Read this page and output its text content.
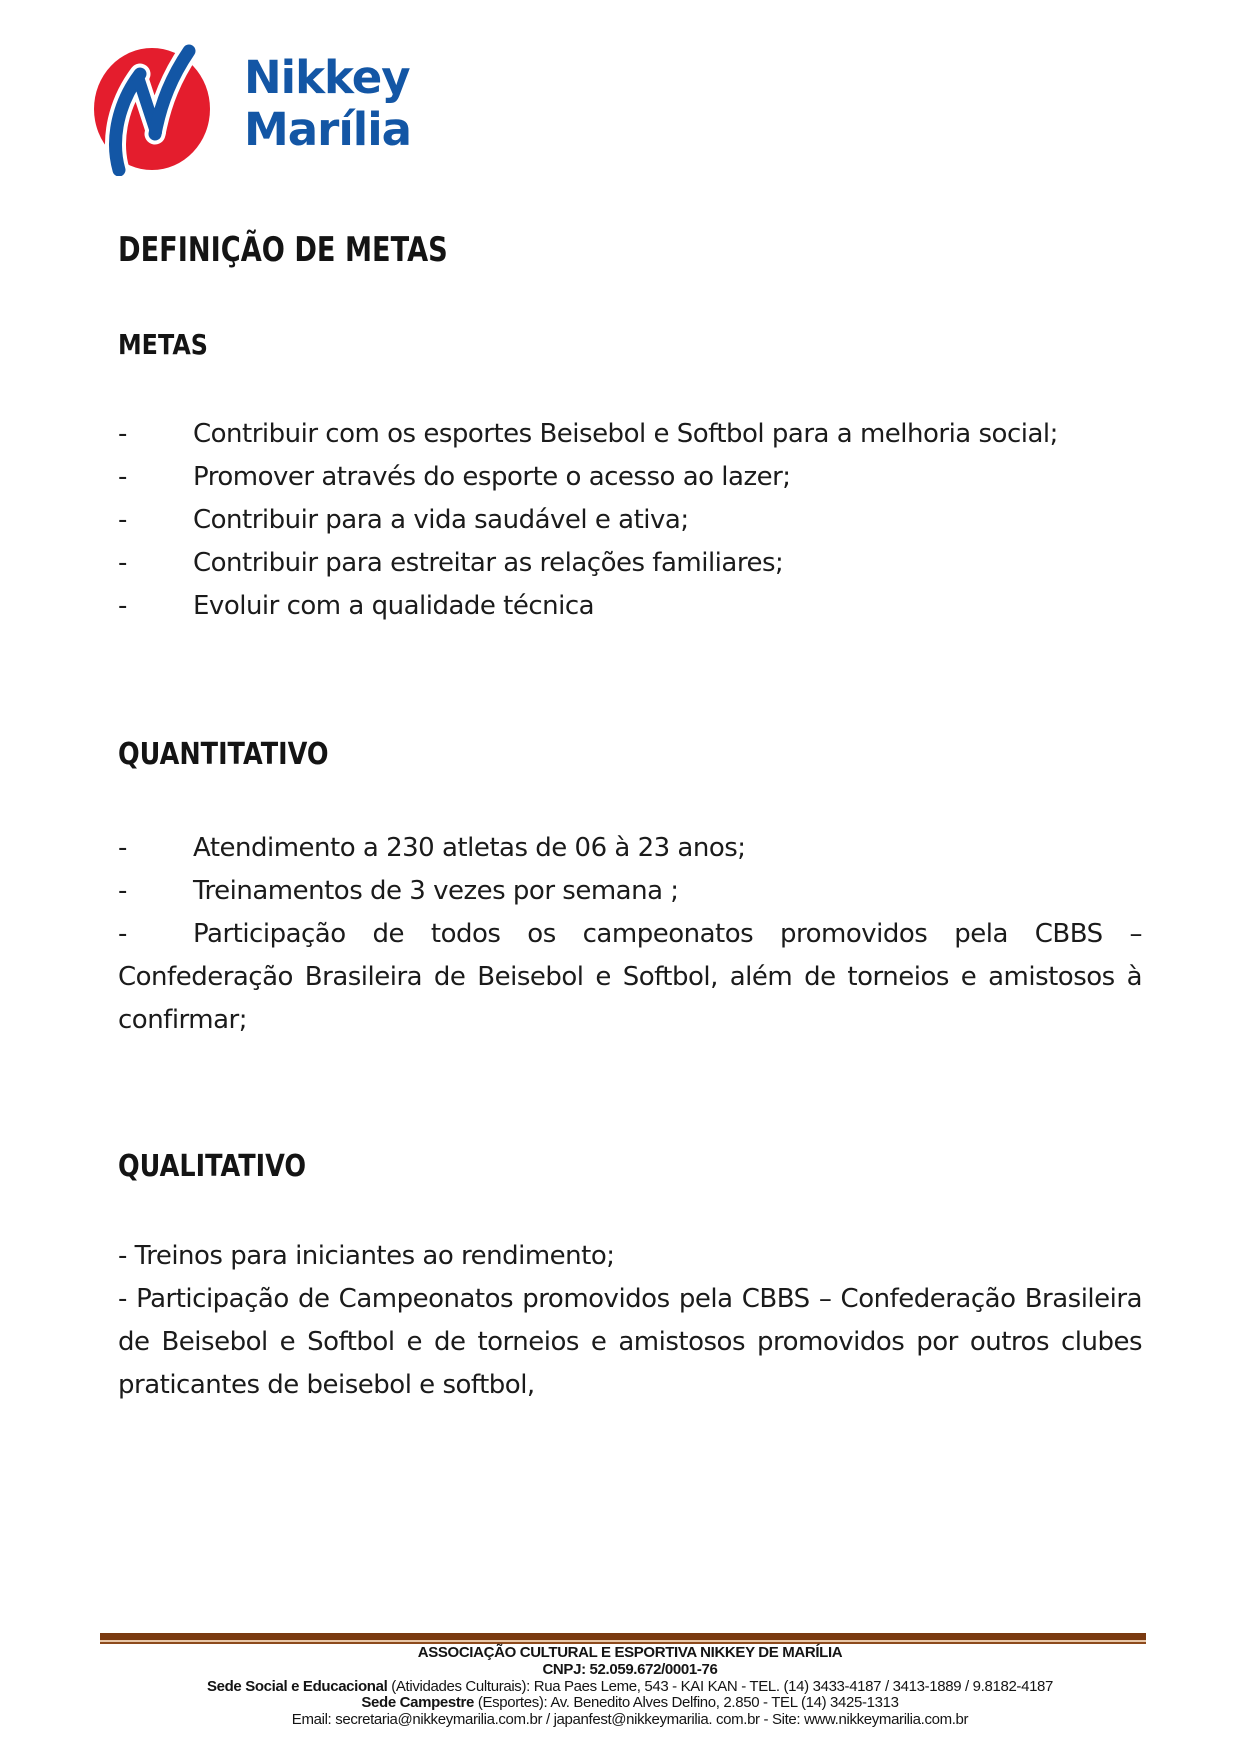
Nikkey
Marília
DEFINIÇÃO DE METAS
METAS
-	Contribuir com os esportes Beisebol e Softbol para a melhoria social;
-	Promover através do esporte o acesso ao lazer;
-	Contribuir para a vida saudável e ativa;
-	Contribuir para estreitar as relações familiares;
-	Evoluir com a qualidade técnica
QUANTITATIVO
-	Atendimento a 230 atletas de 06 à 23 anos;
-	Treinamentos de 3 vezes por semana ;
-	Participação de todos os campeonatos promovidos pela CBBS – Confederação Brasileira de Beisebol e Softbol, além de torneios e amistosos à confirmar;
QUALITATIVO
- Treinos para iniciantes ao rendimento;
- Participação de Campeonatos promovidos pela CBBS – Confederação Brasileira de Beisebol e Softbol e de torneios e amistosos promovidos por outros clubes praticantes de beisebol e softbol,
ASSOCIAÇÃO CULTURAL E ESPORTIVA NIKKEY DE MARÍLIA
CNPJ: 52.059.672/0001-76
Sede Social e Educacional (Atividades Culturais): Rua Paes Leme, 543 - KAI KAN - TEL. (14) 3433-4187 / 3413-1889 / 9.8182-4187
Sede Campestre (Esportes): Av. Benedito Alves Delfino, 2.850 - TEL (14) 3425-1313
Email: secretaria@nikkeymarilia.com.br / japanfest@nikkeymarilia. com.br - Site: www.nikkeymarilia.com.br
